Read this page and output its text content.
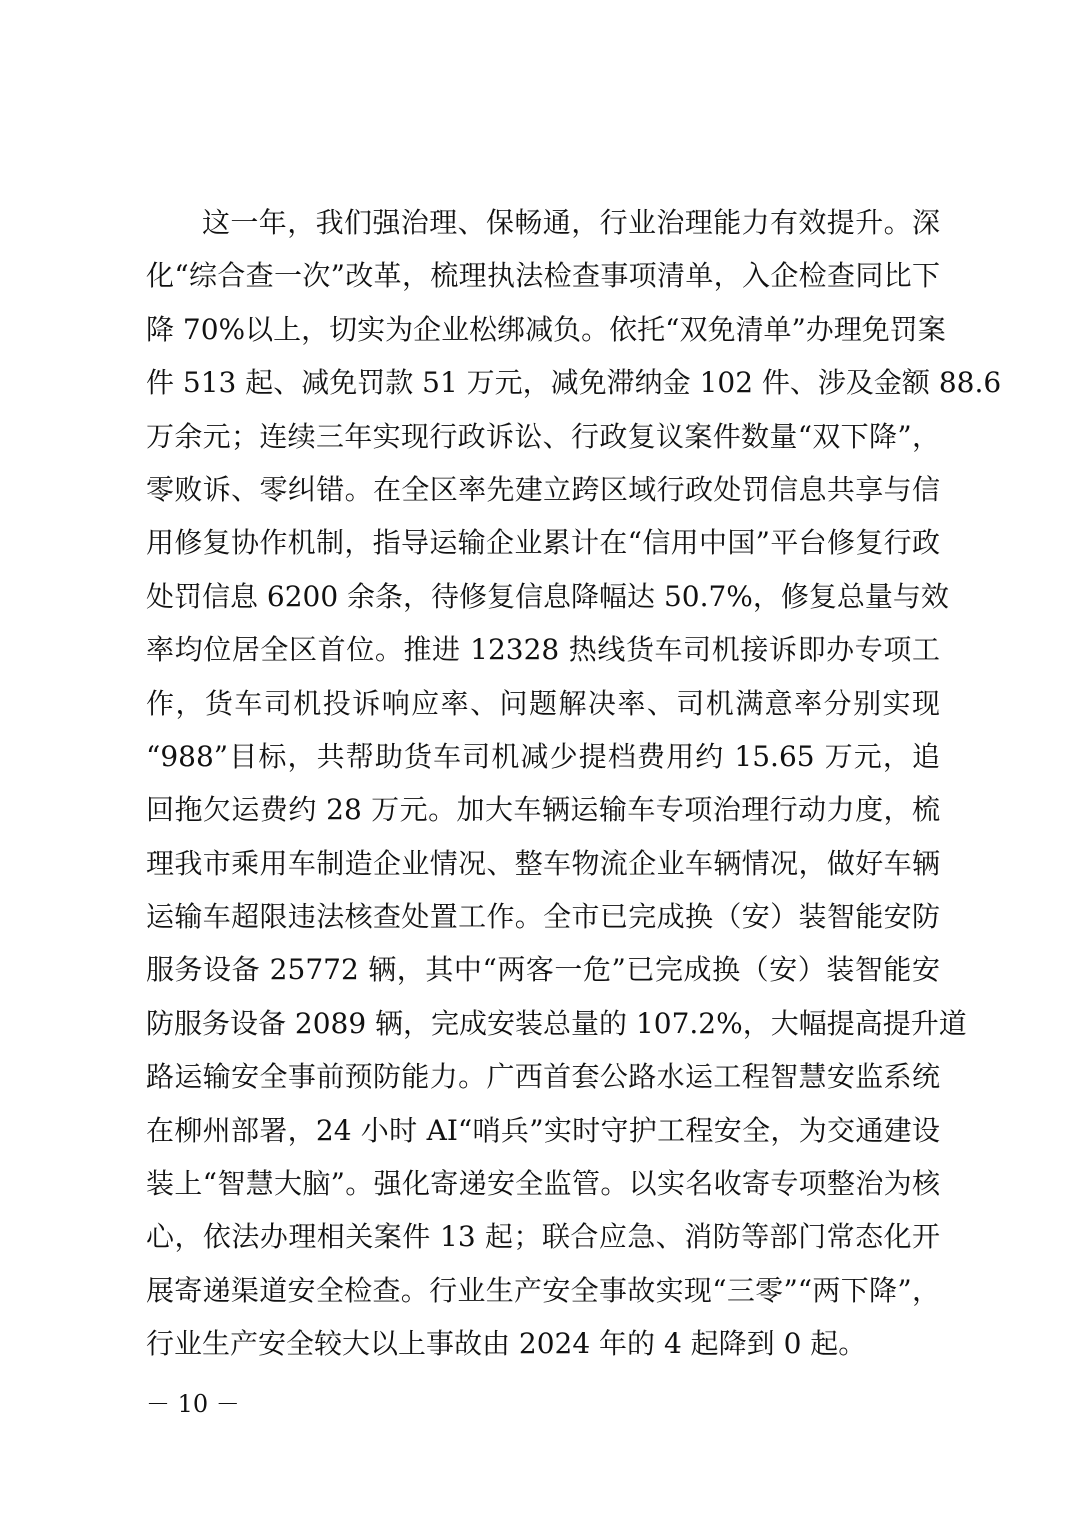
这一年，我们强治理、保畅通，行业治理能力有效提升。深
化“综合查一次”改革，梳理执法检查事项清单，入企检查同比下
降 70%以上，切实为企业松绑减负。依托“双免清单”办理免罚案
件 513 起、减免罚款 51 万元，减免滞纳金 102 件、涉及金额 88.6
万余元；连续三年实现行政诉讼、行政复议案件数量“双下降”，
零败诉、零纠错。在全区率先建立跨区域行政处罚信息共享与信
用修复协作机制，指导运输企业累计在“信用中国”平台修复行政
处罚信息 6200 余条，待修复信息降幅达 50.7%，修复总量与效
率均位居全区首位。推进 12328 热线货车司机接诉即办专项工
作，货车司机投诉响应率、问题解决率、司机满意率分别实现
“988”目标，共帮助货车司机减少提档费用约 15.65 万元，追
回拖欠运费约 28 万元。加大车辆运输车专项治理行动力度，梳
理我市乘用车制造企业情况、整车物流企业车辆情况，做好车辆
运输车超限违法核查处置工作。全市已完成换（安）装智能安防
服务设备 25772 辆，其中“两客一危”已完成换（安）装智能安
防服务设备 2089 辆，完成安装总量的 107.2%，大幅提高提升道
路运输安全事前预防能力。广西首套公路水运工程智慧安监系统
在柳州部署，24 小时 AI“哨兵”实时守护工程安全，为交通建设
装上“智慧大脑”。强化寄递安全监管。以实名收寄专项整治为核
心，依法办理相关案件 13 起；联合应急、消防等部门常态化开
展寄递渠道安全检查。行业生产安全事故实现“三零”“两下降”，
行业生产安全较大以上事故由 2024 年的 4 起降到 0 起。
－ 10 －
